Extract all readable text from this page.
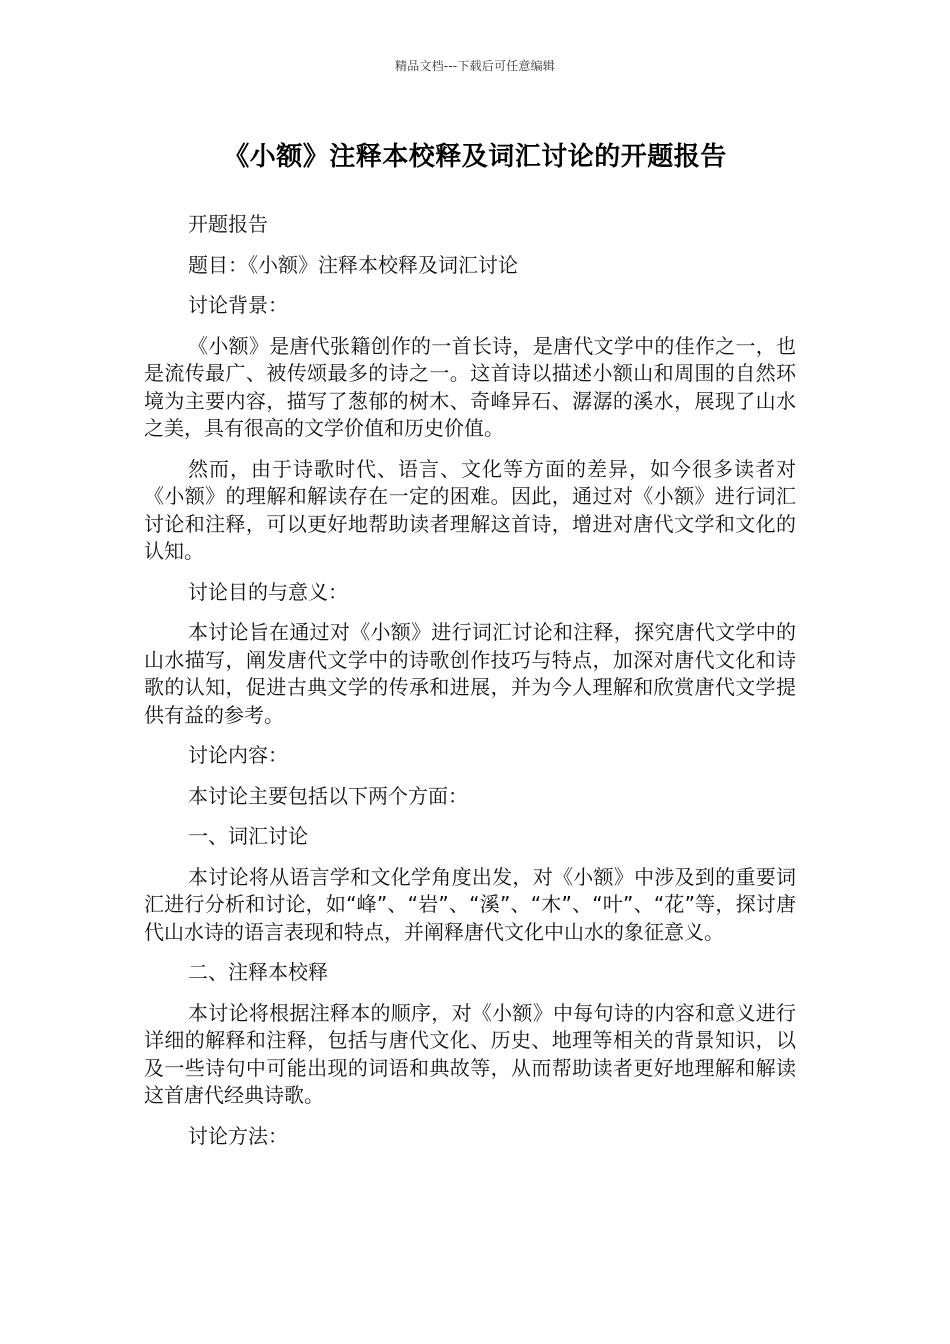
精品文档---下载后可任意编辑
《小额》注释本校释及词汇讨论的开题报告

开题报告

题目：《小额》注释本校释及词汇讨论

讨论背景：

《小额》是唐代张籍创作的一首长诗，是唐代文学中的佳作之一，也是流传最广、被传颂最多的诗之一。这首诗以描述小额山和周围的自然环境为主要内容，描写了葱郁的树木、奇峰异石、潺潺的溪水，展现了山水之美，具有很高的文学价值和历史价值。

然而，由于诗歌时代、语言、文化等方面的差异，如今很多读者对《小额》的理解和解读存在一定的困难。因此，通过对《小额》进行词汇讨论和注释，可以更好地帮助读者理解这首诗，增进对唐代文学和文化的认知。

讨论目的与意义：

本讨论旨在通过对《小额》进行词汇讨论和注释，探究唐代文学中的山水描写，阐发唐代文学中的诗歌创作技巧与特点，加深对唐代文化和诗歌的认知，促进古典文学的传承和进展，并为今人理解和欣赏唐代文学提供有益的参考。

讨论内容：

本讨论主要包括以下两个方面：

一、词汇讨论

本讨论将从语言学和文化学角度出发，对《小额》中涉及到的重要词汇进行分析和讨论，如“峰”、“岩”、“溪”、“木”、“叶”、“花”等，探讨唐代山水诗的语言表现和特点，并阐释唐代文化中山水的象征意义。

二、注释本校释

本讨论将根据注释本的顺序，对《小额》中每句诗的内容和意义进行详细的解释和注释，包括与唐代文化、历史、地理等相关的背景知识，以及一些诗句中可能出现的词语和典故等，从而帮助读者更好地理解和解读这首唐代经典诗歌。

讨论方法：
